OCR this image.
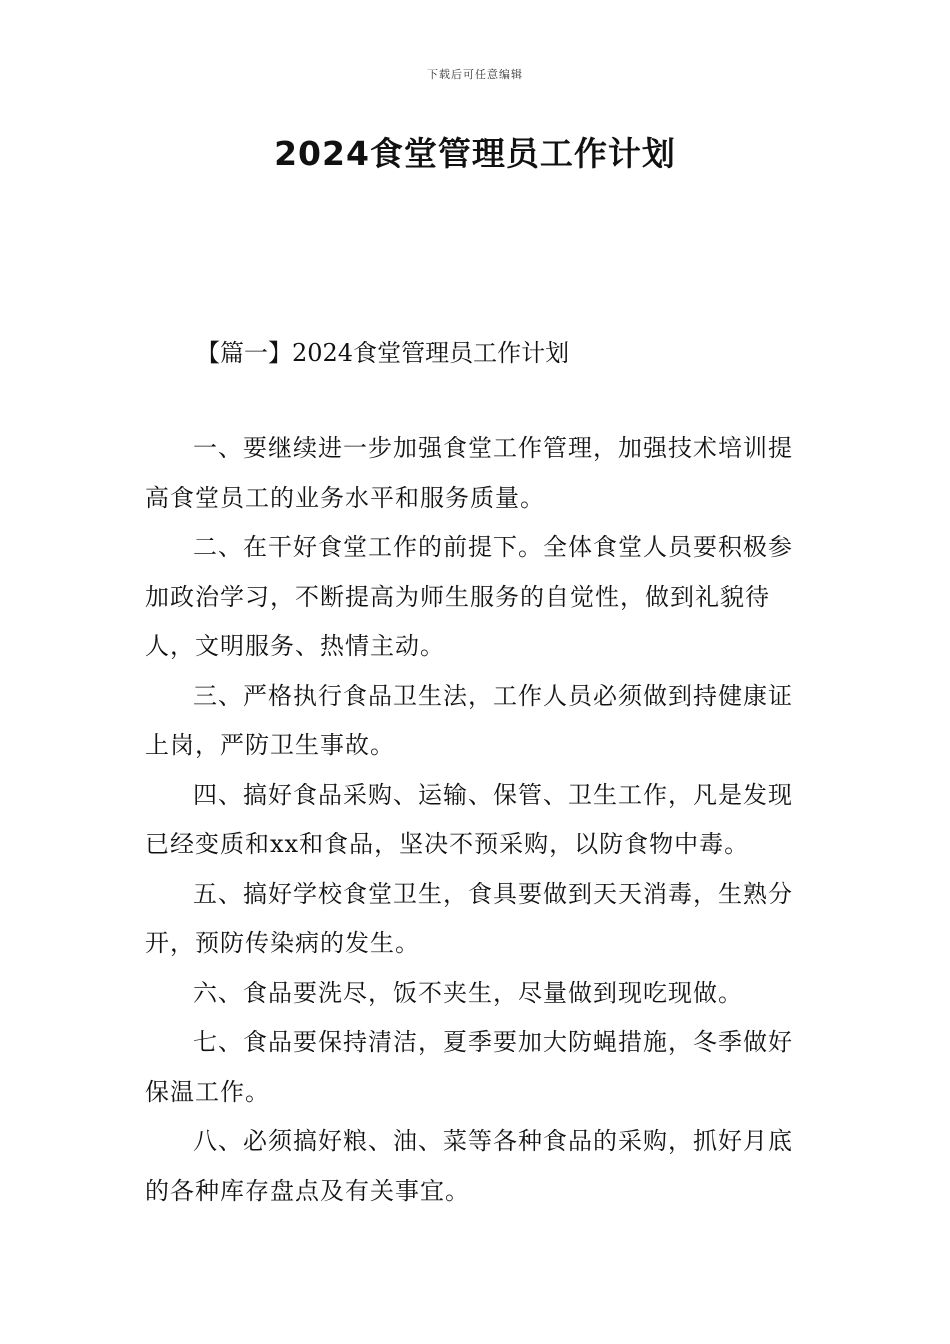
下载后可任意编辑
2024食堂管理员工作计划
【篇一】2024食堂管理员工作计划

一、要继续进一步加强食堂工作管理，加强技术培训提高食堂员工的业务水平和服务质量。

二、在干好食堂工作的前提下。全体食堂人员要积极参加政治学习，不断提高为师生服务的自觉性，做到礼貌待人，文明服务、热情主动。

三、严格执行食品卫生法，工作人员必须做到持健康证上岗，严防卫生事故。

四、搞好食品采购、运输、保管、卫生工作，凡是发现已经变质和xx和食品，坚决不预采购，以防食物中毒。

五、搞好学校食堂卫生，食具要做到天天消毒，生熟分开，预防传染病的发生。

六、食品要洗尽，饭不夹生，尽量做到现吃现做。

七、食品要保持清洁，夏季要加大防蝇措施，冬季做好保温工作。

八、必须搞好粮、油、菜等各种食品的采购，抓好月底的各种库存盘点及有关事宜。
